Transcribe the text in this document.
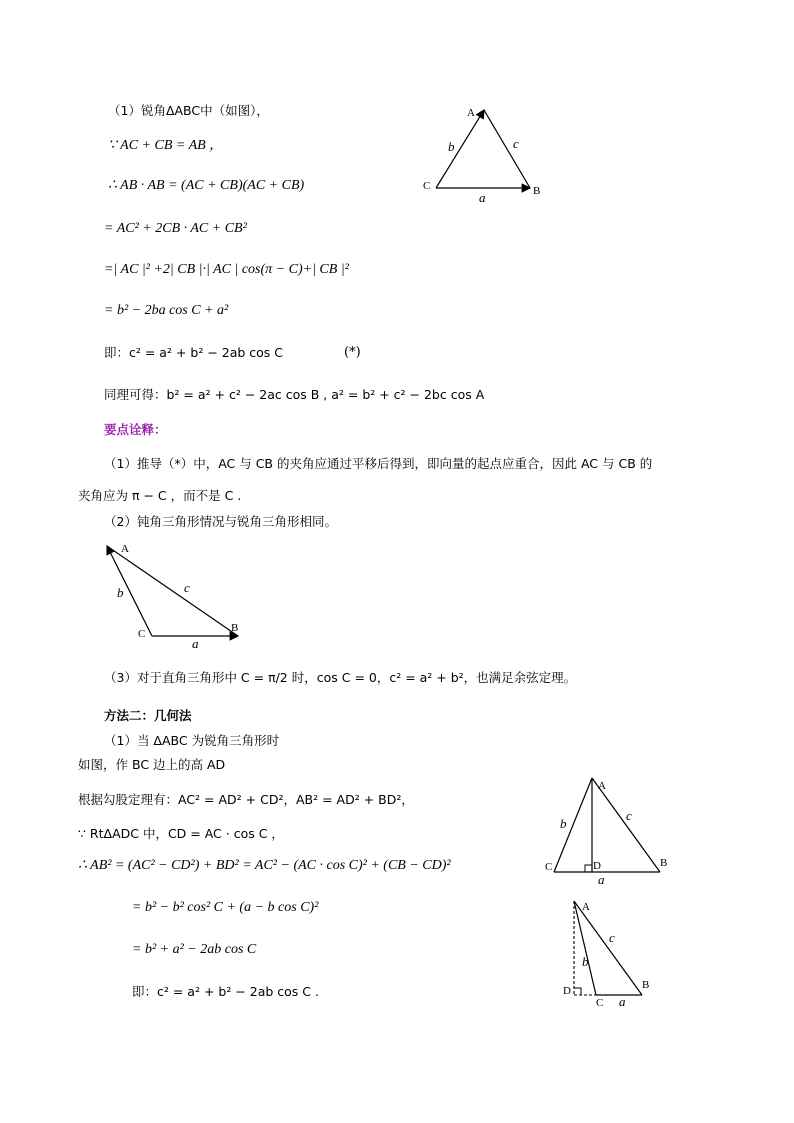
（1）锐角ΔABC中（如图），
∵ AC + CB = AB ，
∴ AB · AB = (AC + CB)(AC + CB)
= AC² + 2CB · AC + CB²
=| AC |² +2| CB |·| AC | cos(π − C)+| CB |²
= b² − 2ba cos C + a²
即：c² = a² + b² − 2ab cos C	(*)
同理可得：b² = a² + c² − 2ac cos B , a² = b² + c² − 2bc cos A
要点诠释：
（1）推导（*）中，AC 与 CB 的夹角应通过平移后得到，即向量的起点应重合，因此 AC 与 CB 的
夹角应为 π − C ，而不是 C .
（2）钝角三角形情况与锐角三角形相同。
（3）对于直角三角形中 C = π/2 时，cos C = 0，c² = a² + b²，也满足余弦定理。
方法二：几何法
（1）当 ΔABC 为锐角三角形时
如图，作 BC 边上的高 AD
根据勾股定理有：AC² = AD² + CD²，AB² = AD² + BD²，
∵ RtΔADC 中，CD = AC · cos C ，
∴ AB² = (AC² − CD²) + BD² = AC² − (AC · cos C)² + (CB − CD)²
= b² − b² cos² C + (a − b cos C)²
= b² + a² − 2ab cos C
即：c² = a² + b² − 2ab cos C .
A
B
C
b	c
a
A
B
C
b	c
a
A
B
C	D
b
c
a
A
B
C
D
b
c
a
